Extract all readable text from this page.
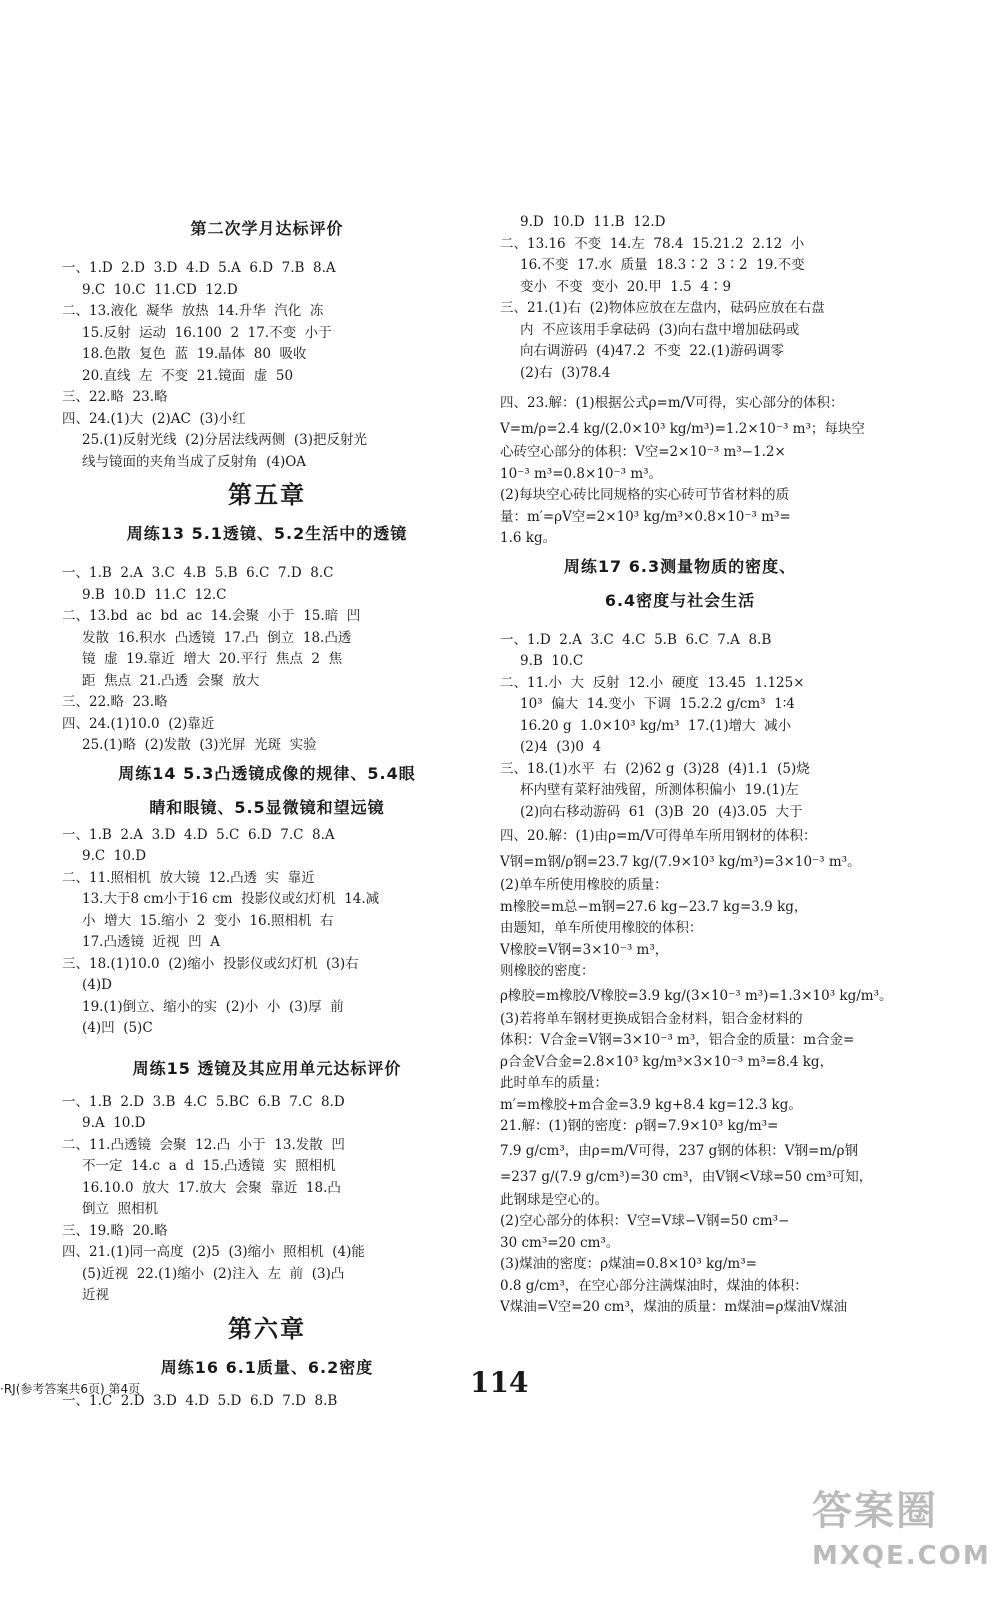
第二次学月达标评价
一、1.D  2.D  3.D  4.D  5.A  6.D  7.B  8.A
9.C  10.C  11.CD  12.D
二、13.液化  凝华  放热  14.升华  汽化  冻
15.反射  运动  16.100  2  17.不变  小于
18.色散  复色  蓝  19.晶体  80  吸收
20.直线  左  不变  21.镜面  虚  50
三、22.略  23.略
四、24.(1)大  (2)AC  (3)小红
25.(1)反射光线  (2)分居法线两侧  (3)把反射光
线与镜面的夹角当成了反射角  (4)OA
第五章
周练13 5.1透镜、5.2生活中的透镜
一、1.B  2.A  3.C  4.B  5.B  6.C  7.D  8.C
9.B  10.D  11.C  12.C
二、13.bd  ac  bd  ac  14.会聚  小于  15.暗  凹
发散  16.积水  凸透镜  17.凸  倒立  18.凸透
镜  虚  19.靠近  增大  20.平行  焦点  2  焦
距  焦点  21.凸透  会聚  放大
三、22.略  23.略
四、24.(1)10.0  (2)靠近
25.(1)略  (2)发散  (3)光屏  光斑  实验
周练14 5.3凸透镜成像的规律、5.4眼
睛和眼镜、5.5显微镜和望远镜
一、1.B  2.A  3.D  4.D  5.C  6.D  7.C  8.A
9.C  10.D
二、11.照相机  放大镜  12.凸透  实  靠近
13.大于8 cm小于16 cm  投影仪或幻灯机  14.减
小  增大  15.缩小  2  变小  16.照相机  右
17.凸透镜  近视  凹  A
三、18.(1)10.0  (2)缩小  投影仪或幻灯机  (3)右
(4)D
19.(1)倒立、缩小的实  (2)小  小  (3)厚  前
(4)凹  (5)C
周练15 透镜及其应用单元达标评价
一、1.B  2.D  3.B  4.C  5.BC  6.B  7.C  8.D
9.A  10.D
二、11.凸透镜  会聚  12.凸  小于  13.发散  凹
不一定  14.c  a  d  15.凸透镜  实  照相机
16.10.0  放大  17.放大  会聚  靠近  18.凸
倒立  照相机
三、19.略  20.略
四、21.(1)同一高度  (2)5  (3)缩小  照相机  (4)能
(5)近视  22.(1)缩小  (2)注入  左  前  (3)凸
近视
第六章
周练16 6.1质量、6.2密度
一、1.C  2.D  3.D  4.D  5.D  6.D  7.D  8.B
9.D  10.D  11.B  12.D
二、13.16  不变  14.左  78.4  15.21.2  2.12  小
16.不变  17.水  质量  18.3∶2  3∶2  19.不变
变小  不变  变小  20.甲  1.5  4∶9
三、21.(1)右  (2)物体应放在左盘内，砝码应放在右盘
内  不应该用手拿砝码  (3)向右盘中增加砝码或
向右调游码  (4)47.2  不变  22.(1)游码调零
(2)右  (3)78.4
四、23.解：(1)根据公式ρ=m/V可得，实心部分的体积：
V=m/ρ=2.4 kg/(2.0×10³ kg/m³)=1.2×10⁻³ m³；每块空
心砖空心部分的体积：V空=2×10⁻³ m³−1.2×
10⁻³ m³=0.8×10⁻³ m³。
(2)每块空心砖比同规格的实心砖可节省材料的质
量：m′=ρV空=2×10³ kg/m³×0.8×10⁻³ m³=
1.6 kg。
周练17 6.3测量物质的密度、
6.4密度与社会生活
一、1.D  2.A  3.C  4.C  5.B  6.C  7.A  8.B
9.B  10.C
二、11.小  大  反射  12.小  硬度  13.45  1.125×
10³  偏大  14.变小  下调  15.2.2 g/cm³  1∶4
16.20 g  1.0×10³ kg/m³  17.(1)增大  减小
(2)4  (3)0  4
三、18.(1)水平  右  (2)62 g  (3)28  (4)1.1  (5)烧
杯内壁有菜籽油残留，所测体积偏小  19.(1)左
(2)向右移动游码  61  (3)B  20  (4)3.05  大于
四、20.解：(1)由ρ=m/V可得单车所用钢材的体积：
V钢=m钢/ρ钢=23.7 kg/(7.9×10³ kg/m³)=3×10⁻³ m³。
(2)单车所使用橡胶的质量：
m橡胶=m总−m钢=27.6 kg−23.7 kg=3.9 kg，
由题知，单车所使用橡胶的体积：
V橡胶=V钢=3×10⁻³ m³，
则橡胶的密度：
ρ橡胶=m橡胶/V橡胶=3.9 kg/(3×10⁻³ m³)=1.3×10³ kg/m³。
(3)若将单车钢材更换成铝合金材料，铝合金材料的
体积：V合金=V钢=3×10⁻³ m³，铝合金的质量：m合金=
ρ合金V合金=2.8×10³ kg/m³×3×10⁻³ m³=8.4 kg，
此时单车的质量：
m′=m橡胶+m合金=3.9 kg+8.4 kg=12.3 kg。
21.解：(1)钢的密度：ρ钢=7.9×10³ kg/m³=
7.9 g/cm³，由ρ=m/V可得，237 g钢的体积：V钢=m/ρ钢
=237 g/(7.9 g/cm³)=30 cm³，由V钢<V球=50 cm³可知，
此钢球是空心的。
(2)空心部分的体积：V空=V球−V钢=50 cm³−
30 cm³=20 cm³。
(3)煤油的密度：ρ煤油=0.8×10³ kg/m³=
0.8 g/cm³，在空心部分注满煤油时，煤油的体积：
V煤油=V空=20 cm³，煤油的质量：m煤油=ρ煤油V煤油
·RJ(参考答案共6页) 第4页	114
答案圈
MXQE.COM
